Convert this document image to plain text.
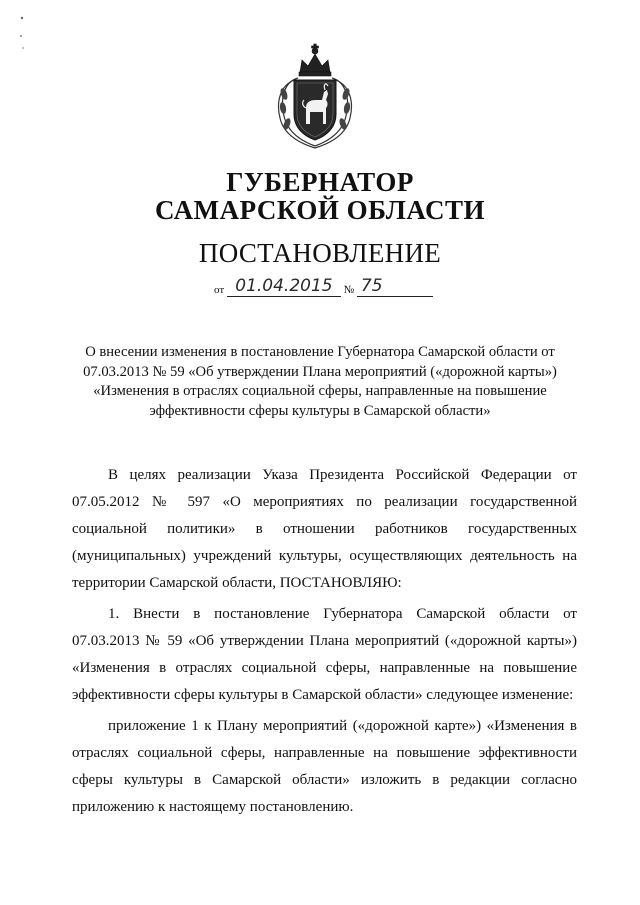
ГУБЕРНАТОР
САМАРСКОЙ ОБЛАСТИ
ПОСТАНОВЛЕНИЕ
от 01.04.2015 № 75
О внесении изменения в постановление Губернатора Самарской области от 07.03.2013 № 59 «Об утверждении Плана мероприятий («дорожной карты») «Изменения в отраслях социальной сферы, направленные на повышение эффективности сферы культуры в Самарской области»

В целях реализации Указа Президента Российской Федерации от 07.05.2012 № 597 «О мероприятиях по реализации государственной социальной политики» в отношении работников государственных (муниципальных) учреждений культуры, осуществляющих деятельность на территории Самарской области, ПОСТАНОВЛЯЮ:

1. Внести в постановление Губернатора Самарской области от 07.03.2013 № 59 «Об утверждении Плана мероприятий («дорожной карты») «Изменения в отраслях социальной сферы, направленные на повышение эффективности сферы культуры в Самарской области» следующее изменение:

приложение 1 к Плану мероприятий («дорожной карте») «Изменения в отраслях социальной сферы, направленные на повышение эффективности сферы культуры в Самарской области» изложить в редакции согласно приложению к настоящему постановлению.
